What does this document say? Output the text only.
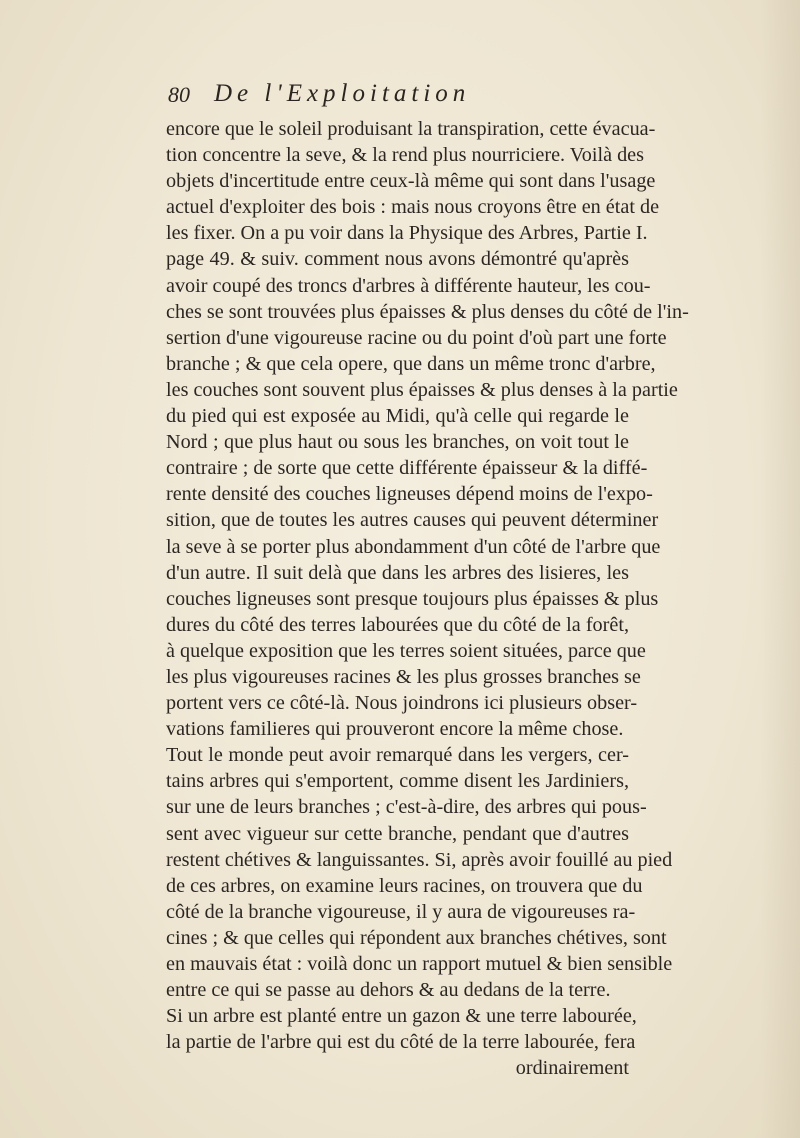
80 De l'Exploitation
encore que le soleil produisant la transpiration, cette évacua-
tion concentre la seve, & la rend plus nourriciere. Voilà des
objets d'incertitude entre ceux-là même qui sont dans l'usage
actuel d'exploiter des bois : mais nous croyons être en état de
les fixer. On a pu voir dans la Physique des Arbres, Partie I.
page 49. & suiv. comment nous avons démontré qu'après
avoir coupé des troncs d'arbres à différente hauteur, les cou-
ches se sont trouvées plus épaisses & plus denses du côté de l'in-
sertion d'une vigoureuse racine ou du point d'où part une forte
branche ; & que cela opere, que dans un même tronc d'arbre,
les couches sont souvent plus épaisses & plus denses à la partie
du pied qui est exposée au Midi, qu'à celle qui regarde le
Nord ; que plus haut ou sous les branches, on voit tout le
contraire ; de sorte que cette différente épaisseur & la diffé-
rente densité des couches ligneuses dépend moins de l'expo-
sition, que de toutes les autres causes qui peuvent déterminer
la seve à se porter plus abondamment d'un côté de l'arbre que
d'un autre. Il suit delà que dans les arbres des lisieres, les
couches ligneuses sont presque toujours plus épaisses & plus
dures du côté des terres labourées que du côté de la forêt,
à quelque exposition que les terres soient situées, parce que
les plus vigoureuses racines & les plus grosses branches se
portent vers ce côté-là. Nous joindrons ici plusieurs obser-
vations familieres qui prouveront encore la même chose.
Tout le monde peut avoir remarqué dans les vergers, cer-
tains arbres qui s'emportent, comme disent les Jardiniers,
sur une de leurs branches ; c'est-à-dire, des arbres qui pous-
sent avec vigueur sur cette branche, pendant que d'autres
restent chétives & languissantes. Si, après avoir fouillé au pied
de ces arbres, on examine leurs racines, on trouvera que du
côté de la branche vigoureuse, il y aura de vigoureuses ra-
cines ; & que celles qui répondent aux branches chétives, sont
en mauvais état : voilà donc un rapport mutuel & bien sensible
entre ce qui se passe au dehors & au dedans de la terre.
Si un arbre est planté entre un gazon & une terre labourée,
la partie de l'arbre qui est du côté de la terre labourée, fera
ordinairement
